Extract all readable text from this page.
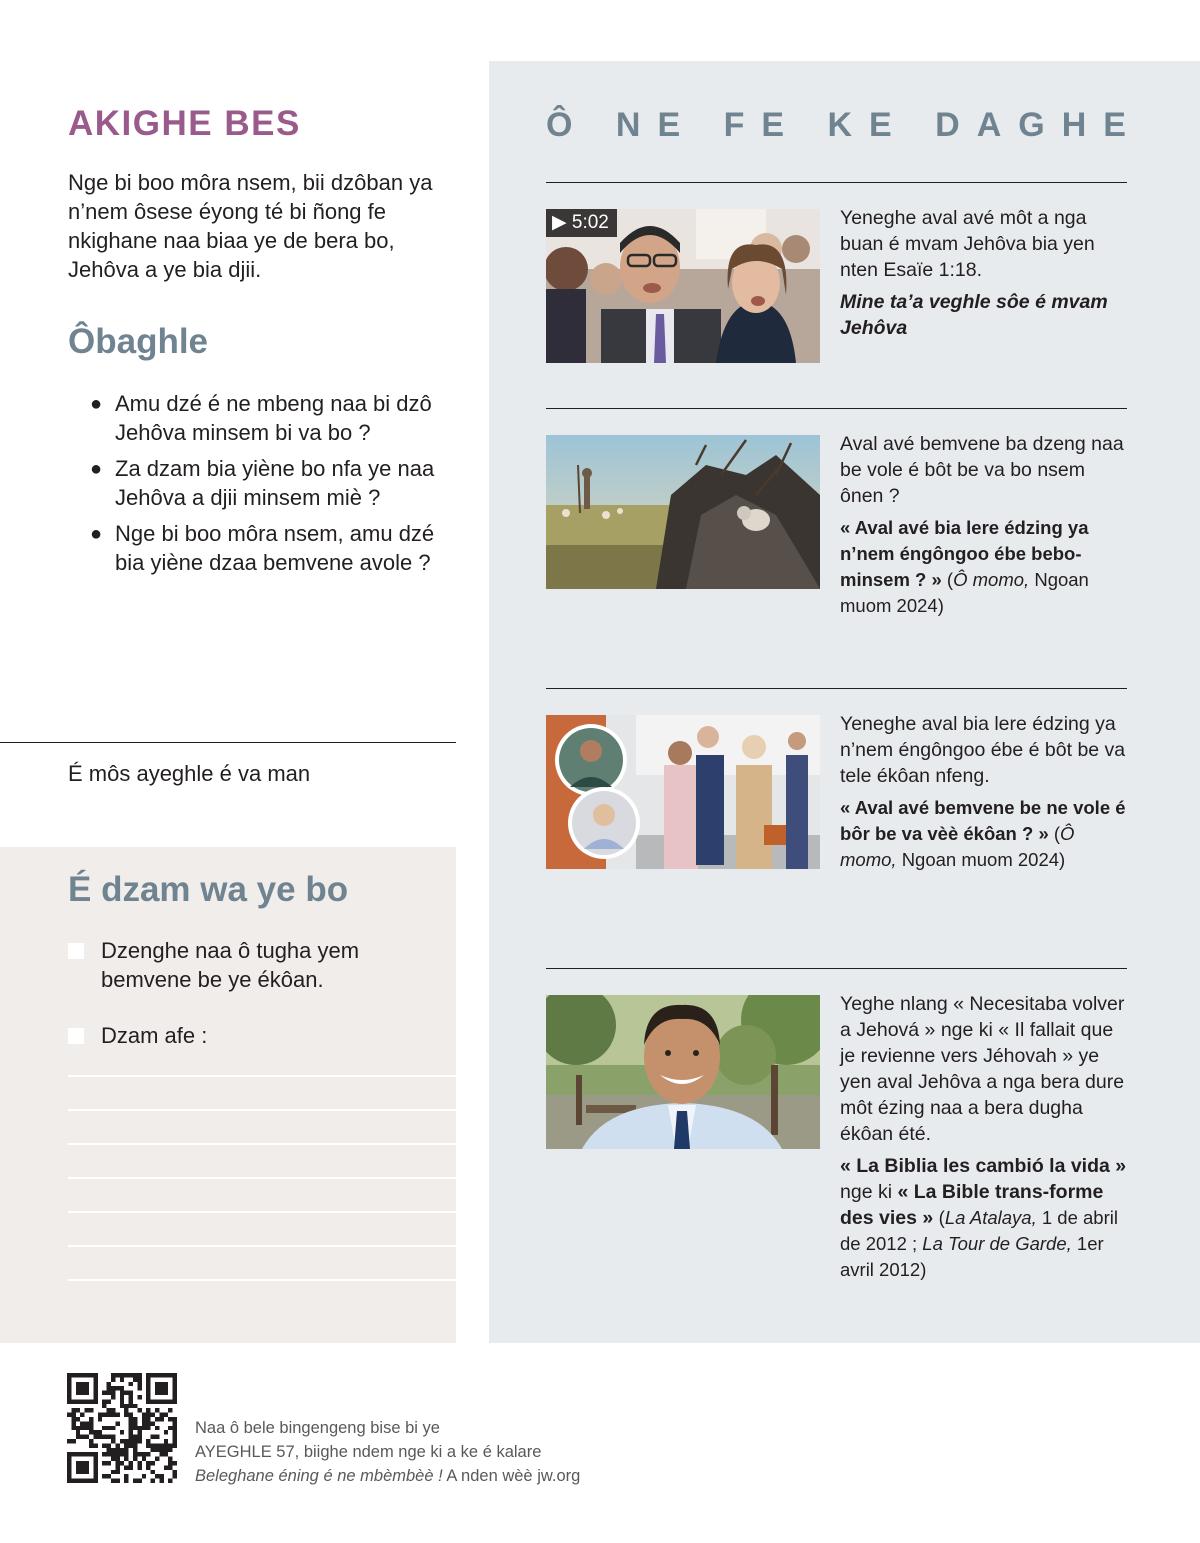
AKIGHE BES

Nge bi boo môra nsem, bii dzôban ya n’nem ôsese éyong té bi ñong fe nkighane naa biaa ye de bera bo, Jehôva a ye bia djii.

Ôbaghle
● Amu dzé é ne mbeng naa bi dzô Jehôva minsem bi va bo ?
● Za dzam bia yiène bo nfa ye naa Jehôva a djii minsem miè ?
● Nge bi boo môra nsem, amu dzé bia yiène dzaa bemvene avole ?
É môs ayeghle é va man
É dzam wa ye bo
Dzenghe naa ô tugha yem bemvene be ye ékôan.
Dzam afe :
Ô NE FE KE DAGHE
▶ 5:02	Yeneghe aval avé môt a nga buan é mvam Jehôva bia yen nten Esaïe 1:18.

Mine ta’a veghle sôe é mvam Jehôva

Aval avé bemvene ba dzeng naa be vole é bôt be va bo nsem ônen ?

« Aval avé bia lere édzing ya n’nem éngôngoo ébe bebo-minsem ? » (Ô momo, Ngoan muom 2024)

Yeneghe aval bia lere édzing ya n’nem éngôngoo ébe é bôt be va tele ékôan nfeng.

« Aval avé bemvene be ne vole é bôr be va vèè ékôan ? » (Ô momo, Ngoan muom 2024)

Yeghe nlang « Necesitaba volver a Jehová » nge ki « Il fallait que je revienne vers Jéhovah » ye yen aval Jehôva a nga bera dure môt ézing naa a bera dugha ékôan été.

« La Biblia les cambió la vida » nge ki « La Bible trans-forme des vies » (La Atalaya, 1 de abril de 2012 ; La Tour de Garde, 1er avril 2012)

Naa ô bele bingengeng bise bi ye
AYEGHLE 57, biighe ndem nge ki a ke é kalare
Beleghane éning é ne mbèmbèè ! A nden wèè jw.org
